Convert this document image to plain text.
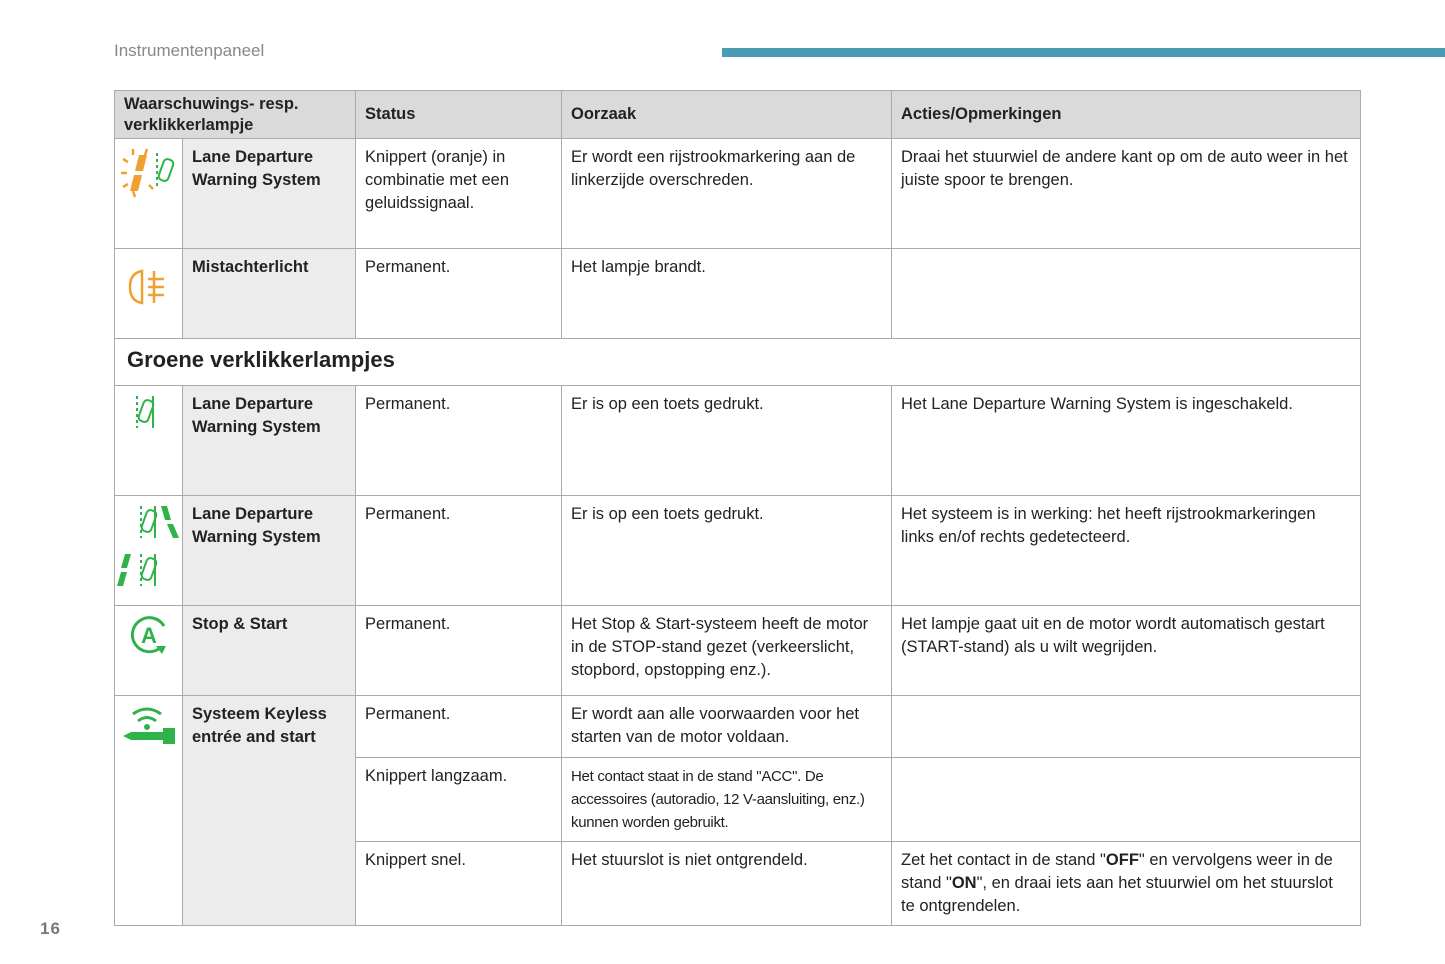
Instrumentenpaneel
Waarschuwings- resp. verklikkerlampje		Status	Oorzaak	Acties/Opmerkingen

	Lane Departure Warning System	Knippert (oranje) in combinatie met een geluidssignaal.	Er wordt een rijstrookmarkering aan de linkerzijde overschreden.	Draai het stuurwiel de andere kant op om de auto weer in het juiste spoor te brengen.

	Mistachterlicht	Permanent.	Het lampje brandt.	
Groene verklikkerlampjes				

	Lane Departure Warning System	Permanent.	Er is op een toets gedrukt.	Het Lane Departure Warning System is ingeschakeld.

	Lane Departure Warning System	Permanent.	Er is op een toets gedrukt.	Het systeem is in werking: het heeft rijstrookmarkeringen links en/of rechts gedetecteerd.

A	Stop & Start	Permanent.	Het Stop & Start-systeem heeft de motor in de STOP-stand gezet (verkeerslicht, stopbord, opstopping enz.).	Het lampje gaat uit en de motor wordt automatisch gestart (START-stand) als u wilt wegrijden.

	Systeem Keyless entrée and start	Permanent.	Er wordt aan alle voorwaarden voor het starten van de motor voldaan.	
		Knippert langzaam.	Het contact staat in de stand "ACC". De accessoires (autoradio, 12 V-aansluiting, enz.) kunnen worden gebruikt.	
		Knippert snel.	Het stuurslot is niet ontgrendeld.	Zet het contact in de stand "OFF" en vervolgens weer in de stand "ON", en draai iets aan het stuurwiel om het stuurslot te ontgrendelen.
16
